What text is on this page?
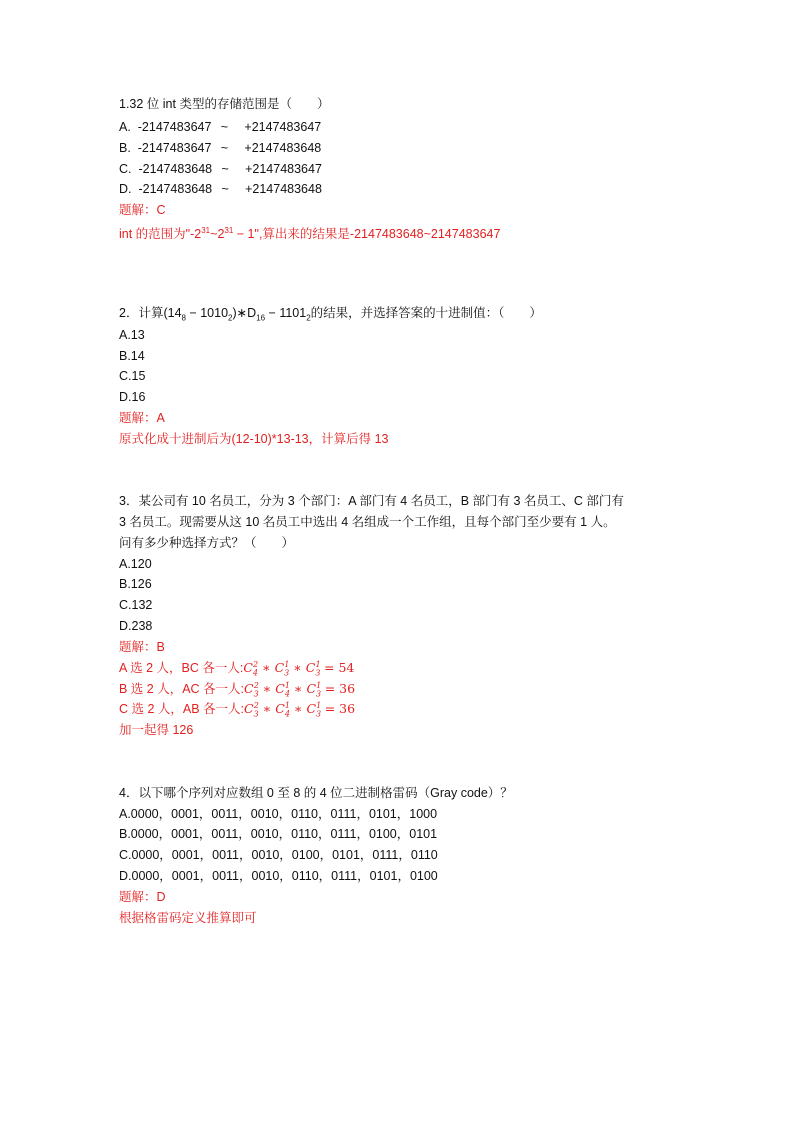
1.32 位 int 类型的存储范围是（　　）
A. -2147483647 ~ +2147483647
B. -2147483647 ~ +2147483648
C. -2147483648 ~ +2147483647
D. -2147483648 ~ +2147483648
题解：C
int 的范围为"$-2^{31}\sim 2^{31} - 1$",算出来的结果是-2147483648~2147483647
2．计算($14_8$ − $1010_2)∗D_{16} - 1101_2$的结果，并选择答案的十进制值：（　　）
A.13
B.14
C.15
D.16
题解：A
原式化成十进制后为(12-10)*13-13，计算后得 13
3．某公司有 10 名员工，分为 3 个部门：A 部门有 4 名员工，B 部门有 3 名员工、C 部门有
3 名员工。现需要从这 10 名员工中选出 4 名组成一个工作组，且每个部门至少要有 1 人。
问有多少种选择方式？（　　）
A.120
B.126
C.132
D.238
题解：B
A 选 2 人，BC 各一人$:C_4^2$ ∗ $C_3^1$ ∗ $C_3^1 = 54$
B 选 2 人，AC 各一人$:C_3^2$ ∗ $C_4^1$ ∗ $C_3^1 = 36$
C 选 2 人，AB 各一人$:C_3^2$ ∗ $C_4^1$ ∗ $C_3^1 = 36$
加一起得 126
4．以下哪个序列对应数组 0 至 8 的 4 位二进制格雷码（Gray code）？
A.0000，0001，0011，0010，0110，0111，0101，1000
B.0000，0001，0011，0010，0110，0111，0100，0101
C.0000，0001，0011，0010，0100，0101，0111，0110
D.0000，0001，0011，0010，0110，0111，0101，0100
题解：D
根据格雷码定义推算即可
